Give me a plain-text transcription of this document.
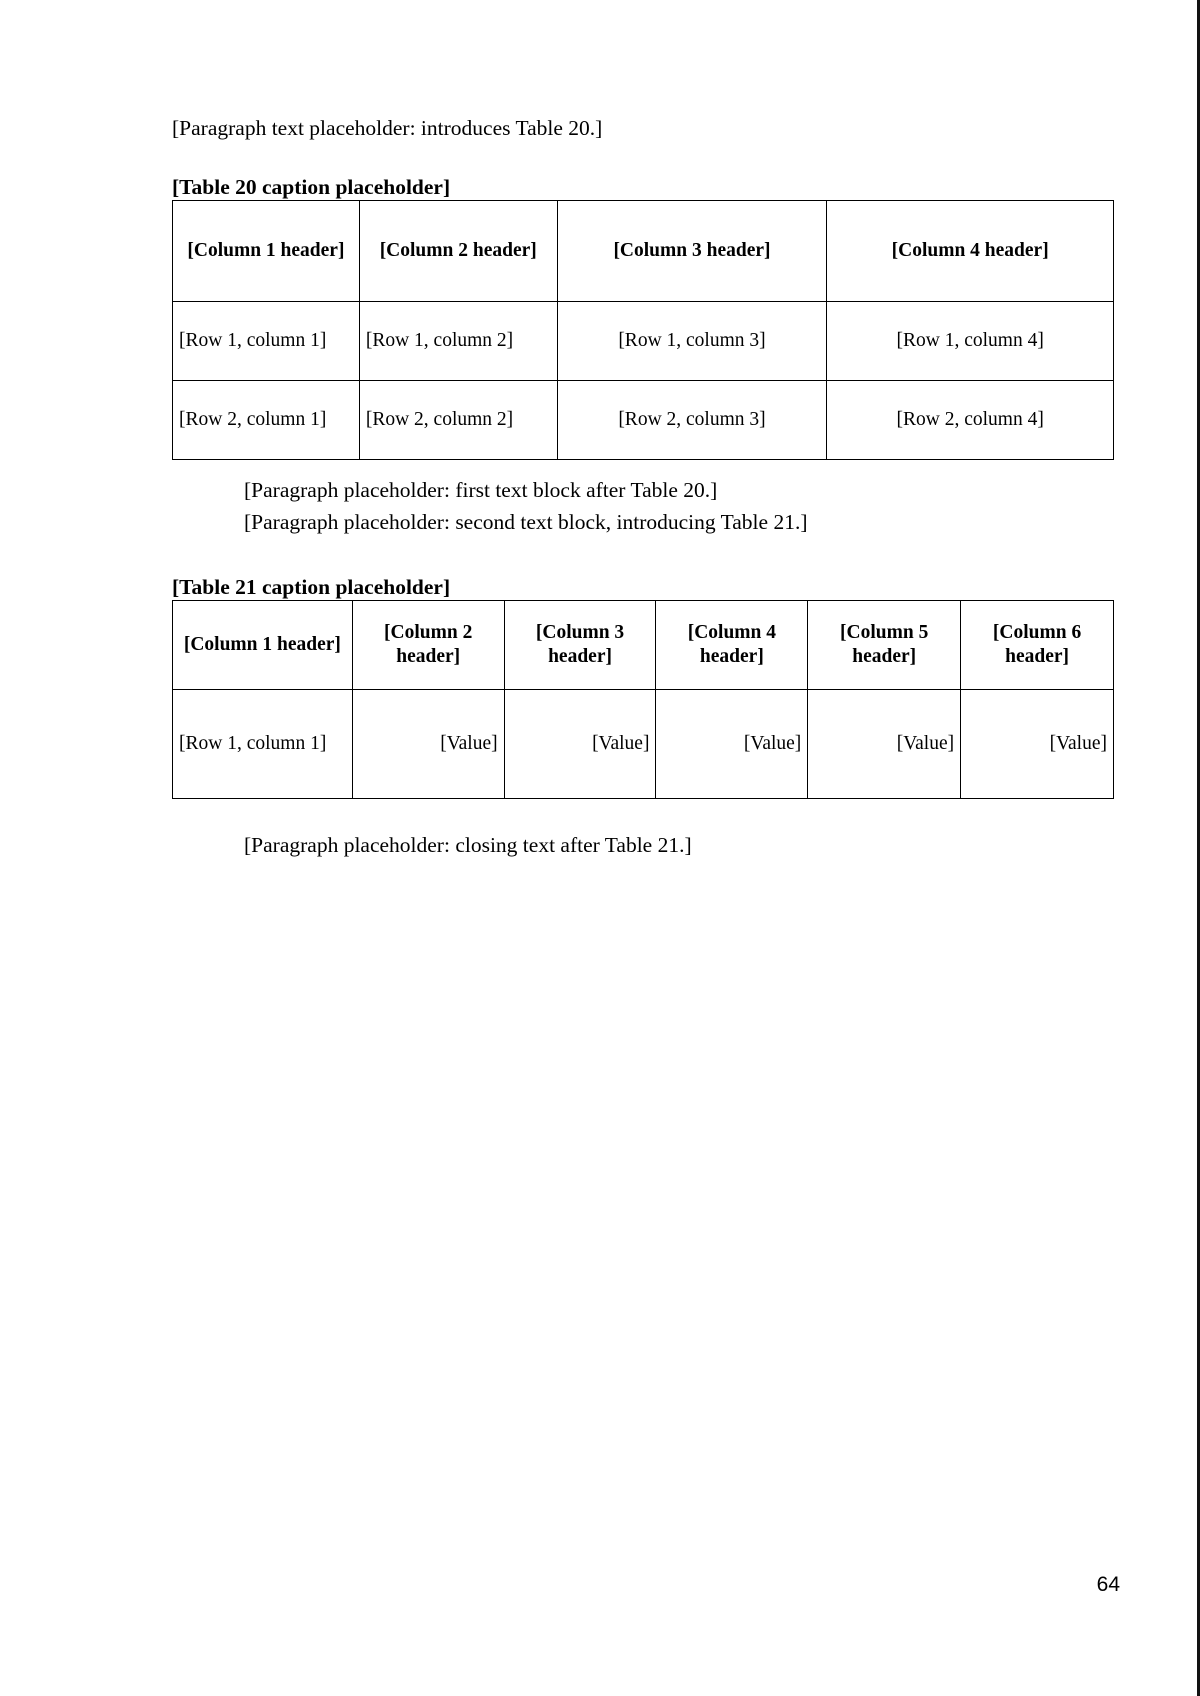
[Paragraph text placeholder: introduces Table 20.]

[Table 20 caption placeholder]
[Column 1 header]	[Column 2 header]	[Column 3 header]	[Column 4 header]
[Row 1, column 1]	[Row 1, column 2]	[Row 1, column 3]	[Row 1, column 4]
[Row 2, column 1]	[Row 2, column 2]	[Row 2, column 3]	[Row 2, column 4]

[Paragraph placeholder: first text block after Table 20.]

[Paragraph placeholder: second text block, introducing Table 21.]

[Table 21 caption placeholder]
[Column 1 header]	[Column 2 header]	[Column 3 header]	[Column 4 header]	[Column 5 header]	[Column 6 header]
[Row 1, column 1]	[Value]	[Value]	[Value]	[Value]	[Value]

[Paragraph placeholder: closing text after Table 21.]

64
